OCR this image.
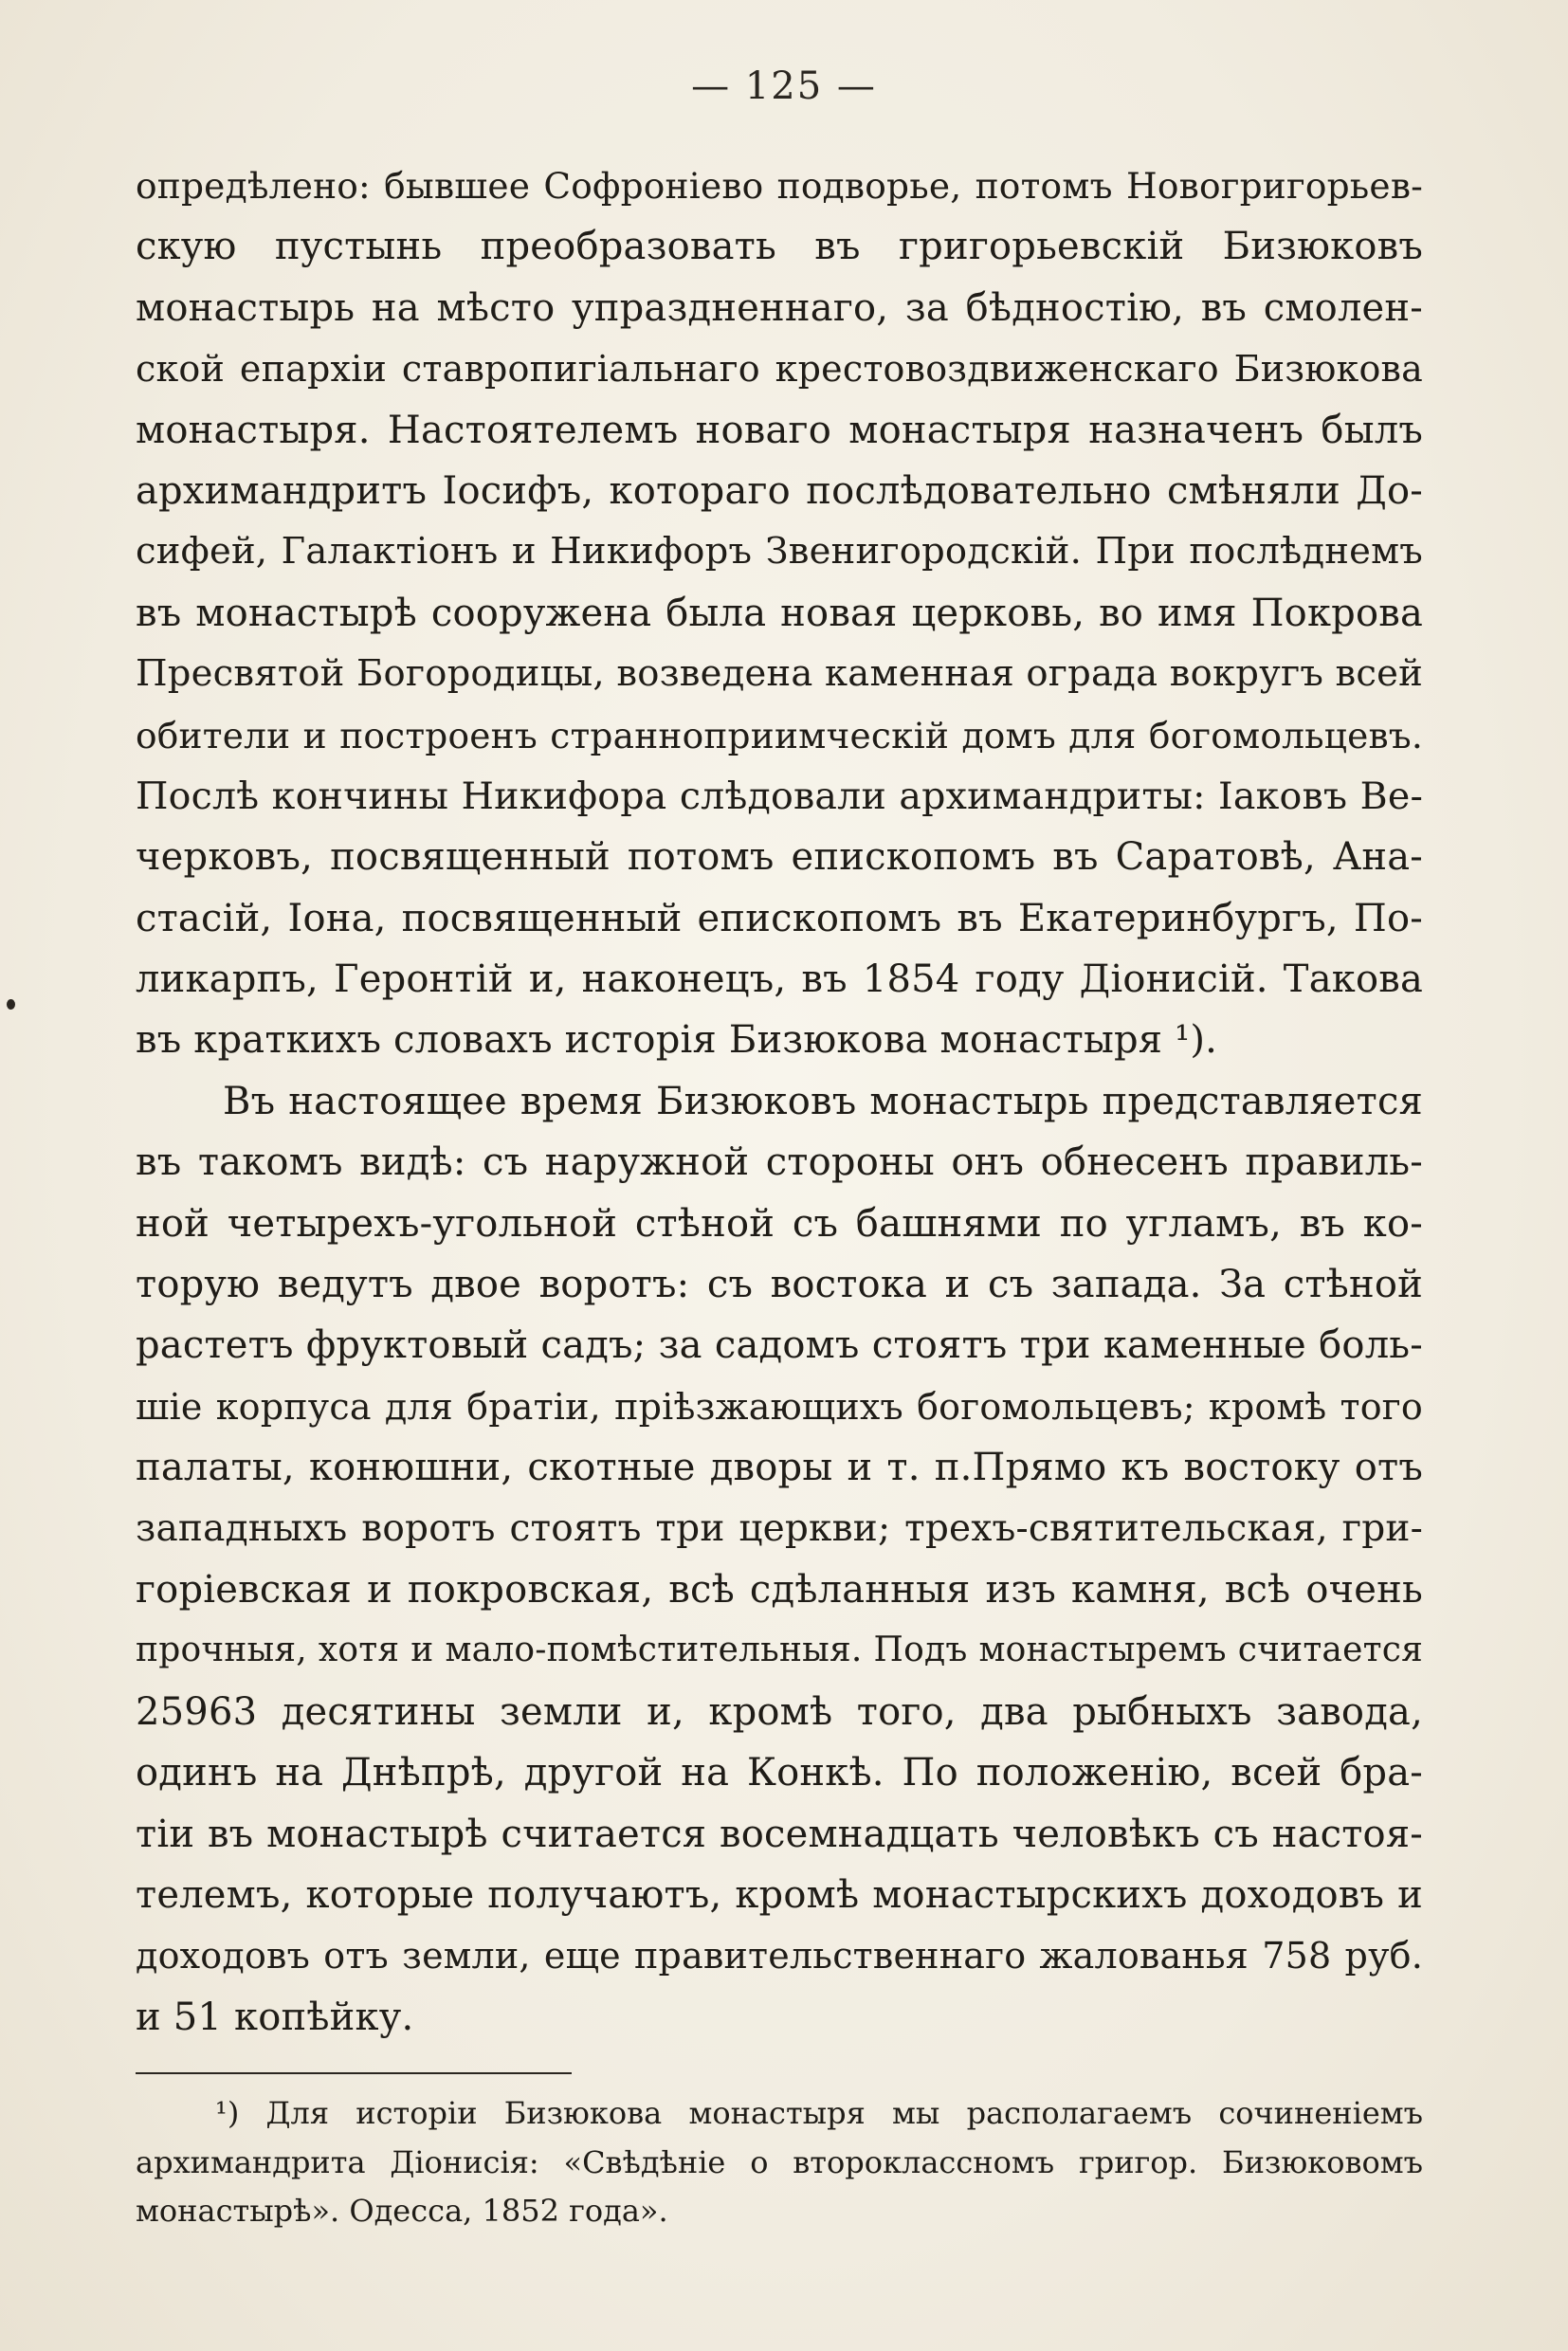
— 125 —
опредѣлено: бывшее Софроніево подворье, потомъ Новогригорьев-
скую пустынь преобразовать въ григорьевскій Бизюковъ
монастырь на мѣсто упраздненнаго, за бѣдностію, въ смолен-
ской епархіи ставропигіальнаго крестовоздвиженскаго Бизюкова
монастыря. Настоятелемъ новаго монастыря назначенъ былъ
архимандритъ Іосифъ, котораго послѣдовательно смѣняли До-
сифей, Галактіонъ и Никифоръ Звенигородскій. При послѣднемъ
въ монастырѣ сооружена была новая церковь, во имя Покрова
Пресвятой Богородицы, возведена каменная ограда вокругъ всей
обители и построенъ странноприимческій домъ для богомольцевъ.
Послѣ кончины Никифора слѣдовали архимандриты: Іаковъ Ве-
черковъ, посвященный потомъ епископомъ въ Саратовѣ, Ана-
стасій, Іона, посвященный епископомъ въ Екатеринбургъ, По-
ликарпъ, Геронтій и, наконецъ, въ 1854 году Діонисій. Такова
въ краткихъ словахъ исторія Бизюкова монастыря ¹).
Въ настоящее время Бизюковъ монастырь представляется
въ такомъ видѣ: съ наружной стороны онъ обнесенъ правиль-
ной четырехъ-угольной стѣной съ башнями по угламъ, въ ко-
торую ведутъ двое воротъ: съ востока и съ запада. За стѣной
растетъ фруктовый садъ; за садомъ стоятъ три каменные боль-
шіе корпуса для братіи, пріѣзжающихъ богомольцевъ; кромѣ того
палаты, конюшни, скотные дворы и т. п.Прямо къ востоку отъ
западныхъ воротъ стоятъ три церкви; трехъ-святительская, гри-
горіевская и покровская, всѣ сдѣланныя изъ камня, всѣ очень
прочныя, хотя и мало-помѣстительныя. Подъ монастыремъ считается
25963 десятины земли и, кромѣ того, два рыбныхъ завода,
одинъ на Днѣпрѣ, другой на Конкѣ. По положенію, всей бра-
тіи въ монастырѣ считается восемнадцать человѣкъ съ настоя-
телемъ, которые получаютъ, кромѣ монастырскихъ доходовъ и
доходовъ отъ земли, еще правительственнаго жалованья 758 руб.
и 51 копѣйку.
¹) Для исторіи Бизюкова монастыря мы располагаемъ сочиненіемъ
архимандрита Діонисія: «Свѣдѣніе о второклассномъ григор. Бизюковомъ
монастырѣ». Одесса, 1852 года».
